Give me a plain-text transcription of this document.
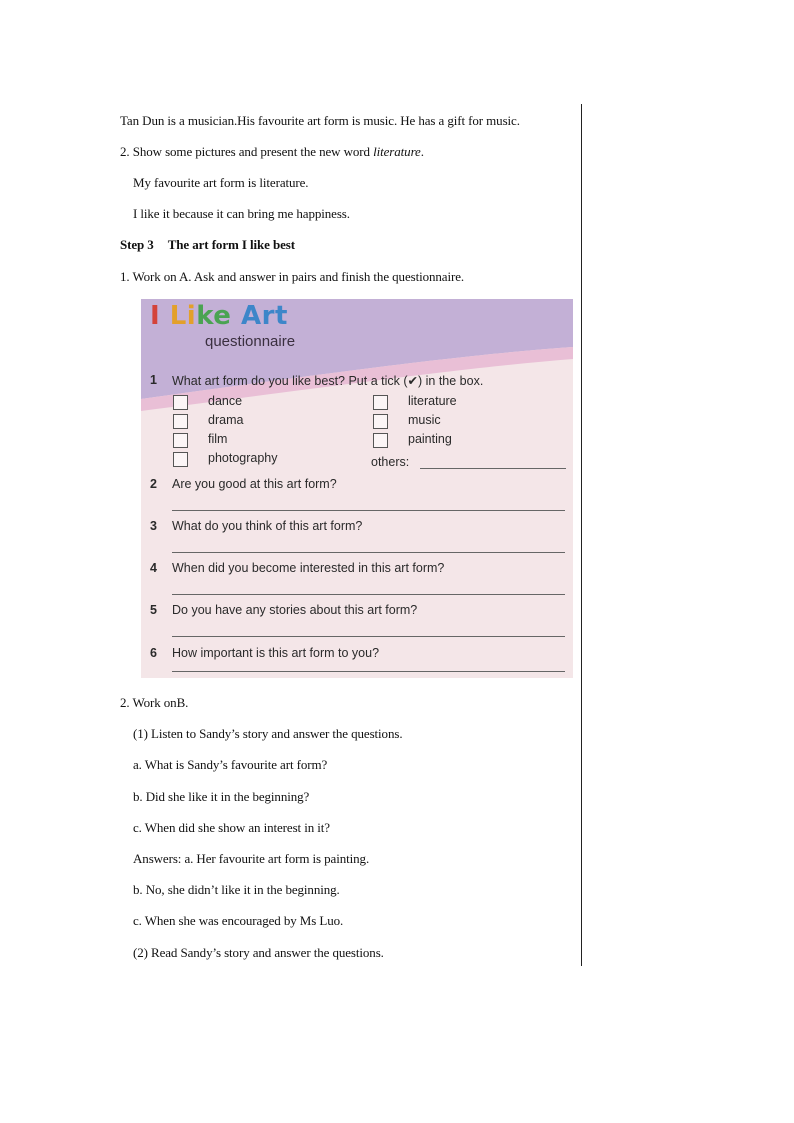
Tan Dun is a musician.His favourite art form is music. He has a gift for music.
2. Show some pictures and present the new word literature.
My favourite art form is literature.
I like it because it can bring me happiness.
Step 3 The art form I like best
1. Work on A. Ask and answer in pairs and finish the questionnaire.
I Like Art
questionnaire
1 What art form do you like best? Put a tick (✔) in the box.
dance
drama
film
photography
literature
music
painting
others:
2 Are you good at this art form?
3 What do you think of this art form?
4 When did you become interested in this art form?
5 Do you have any stories about this art form?
6 How important is this art form to you?
2. Work onB.
(1) Listen to Sandy’s story and answer the questions.
a. What is Sandy’s favourite art form?
b. Did she like it in the beginning?
c. When did she show an interest in it?
Answers: a. Her favourite art form is painting.
b. No, she didn’t like it in the beginning.
c. When she was encouraged by Ms Luo.
(2) Read Sandy’s story and answer the questions.
